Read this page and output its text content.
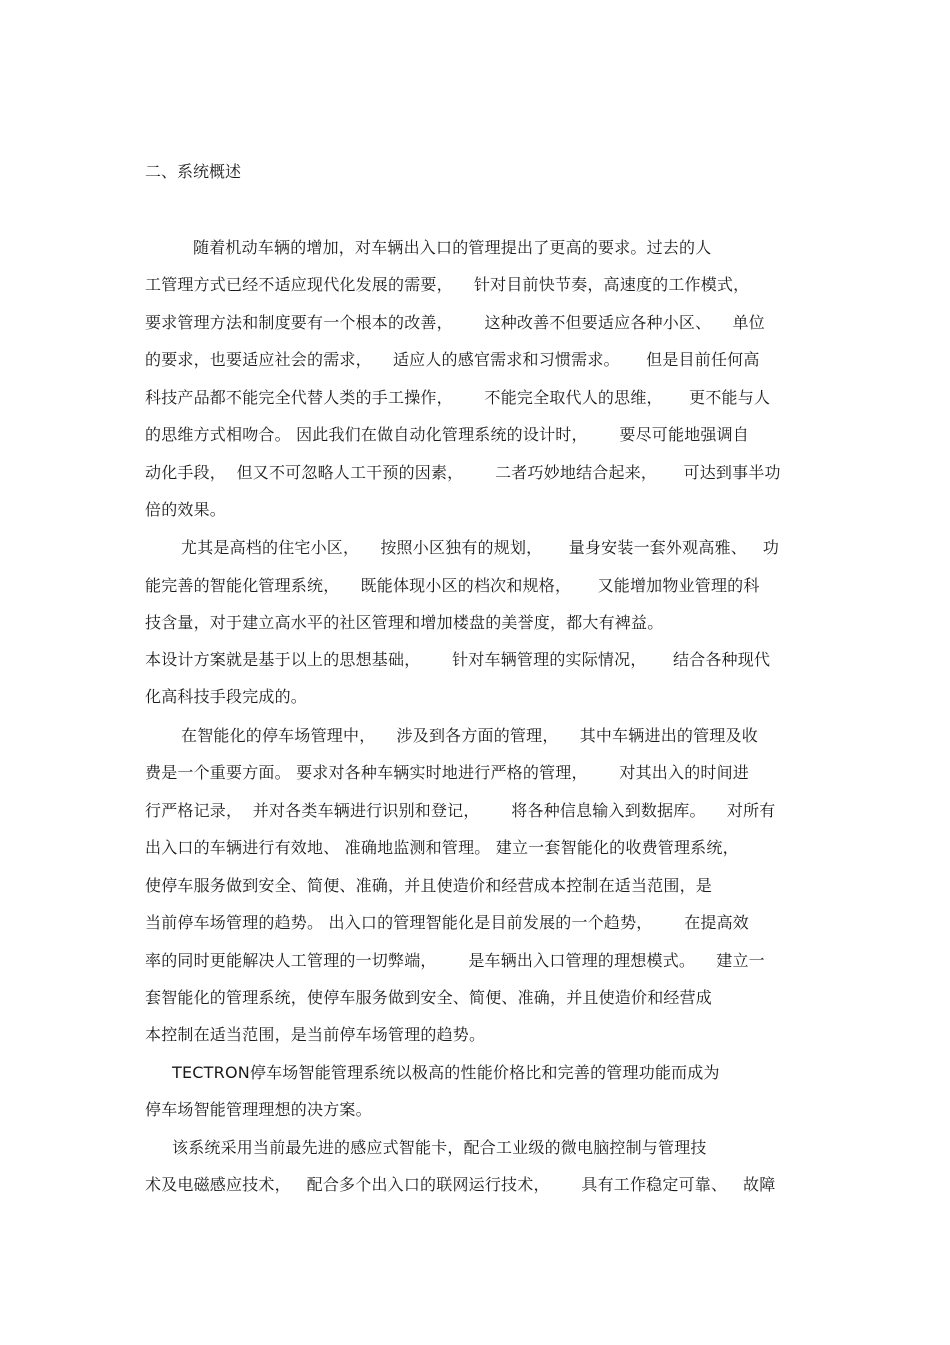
二、系统概述
随着机动车辆的增加，对车辆出入口的管理提出了更高的要求。过去的人
工管理方式已经不适应现代化发展的需要，    针对目前快节奏，高速度的工作模式，
要求管理方法和制度要有一个根本的改善，      这种改善不但要适应各种小区、    单位
的要求，也要适应社会的需求，    适应人的感官需求和习惯需求。     但是目前任何高
科技产品都不能完全代替人类的手工操作，      不能完全取代人的思维，     更不能与人
的思维方式相吻合。 因此我们在做自动化管理系统的设计时，      要尽可能地强调自
动化手段，  但又不可忽略人工干预的因素，      二者巧妙地结合起来，     可达到事半功
倍的效果。
尤其是高档的住宅小区，    按照小区独有的规划，     量身安装一套外观高雅、   功
能完善的智能化管理系统，    既能体现小区的档次和规格，     又能增加物业管理的科
技含量，对于建立高水平的社区管理和增加楼盘的美誉度，都大有裨益。
本设计方案就是基于以上的思想基础，      针对车辆管理的实际情况，     结合各种现代
化高科技手段完成的。
在智能化的停车场管理中，    涉及到各方面的管理，    其中车辆进出的管理及收
费是一个重要方面。 要求对各种车辆实时地进行严格的管理，      对其出入的时间进
行严格记录，  并对各类车辆进行识别和登记，      将各种信息输入到数据库。    对所有
出入口的车辆进行有效地、 准确地监测和管理。 建立一套智能化的收费管理系统，
使停车服务做到安全、简便、准确，并且使造价和经营成本控制在适当范围，是
当前停车场管理的趋势。 出入口的管理智能化是目前发展的一个趋势，      在提高效
率的同时更能解决人工管理的一切弊端，      是车辆出入口管理的理想模式。    建立一
套智能化的管理系统，使停车服务做到安全、简便、准确，并且使造价和经营成
本控制在适当范围，是当前停车场管理的趋势。
TECTRON停车场智能管理系统以极高的性能价格比和完善的管理功能而成为
停车场智能管理理想的决方案。
该系统采用当前最先进的感应式智能卡，配合工业级的微电脑控制与管理技
术及电磁感应技术，   配合多个出入口的联网运行技术，      具有工作稳定可靠、   故障
